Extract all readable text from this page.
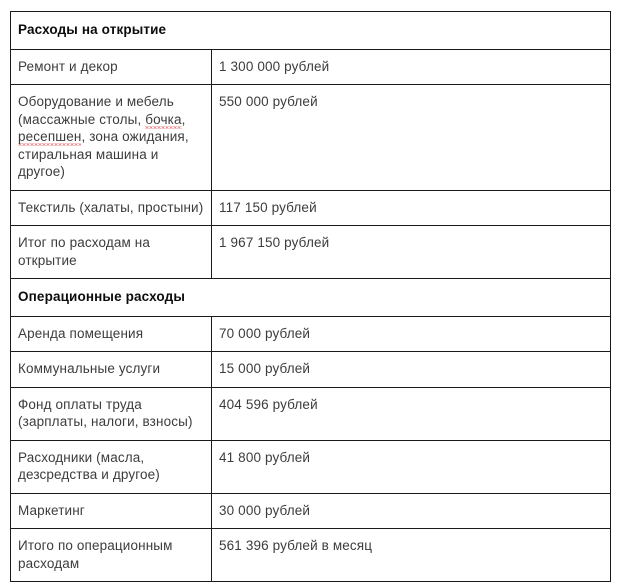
Расходы на открытие	
Ремонт и декор	1 300 000 рублей
Оборудование и мебель (массажные столы, бочка, ресепшен, зона ожидания, стиральная машина и другое)	550 000 рублей
Текстиль (халаты, простыни)	117 150 рублей
Итог по расходам на открытие	1 967 150 рублей
Операционные расходы	
Аренда помещения	70 000 рублей
Коммунальные услуги	15 000 рублей
Фонд оплаты труда (зарплаты, налоги, взносы)	404 596 рублей
Расходники (масла, дезсредства и другое)	41 800 рублей
Маркетинг	30 000 рублей
Итого по операционным расходам	561 396 рублей в месяц
